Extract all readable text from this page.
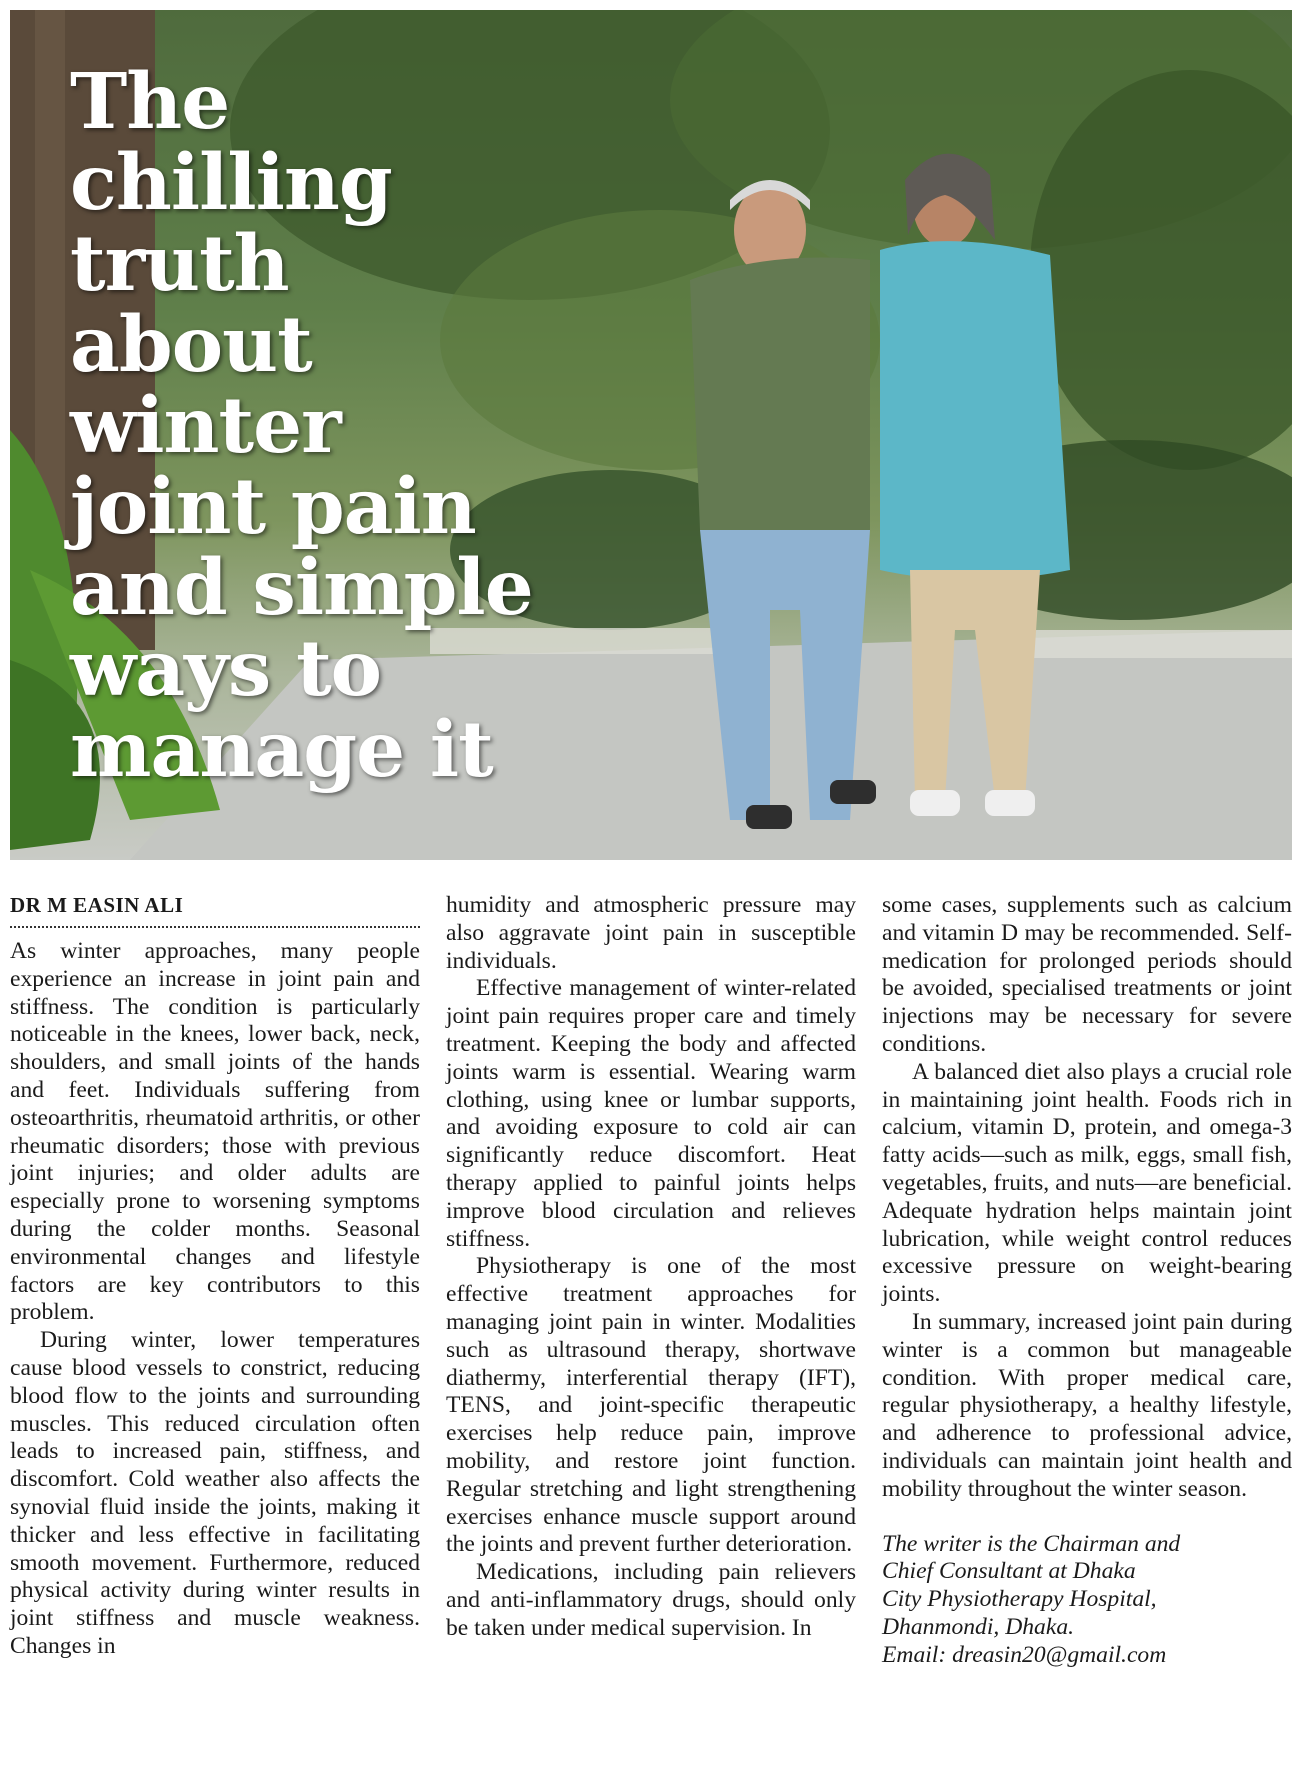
The chilling truth about winter joint pain and simple ways to manage it
DR M EASIN ALI

As winter approaches, many people experience an increase in joint pain and stiffness. The condition is particularly noticeable in the knees, lower back, neck, shoulders, and small joints of the hands and feet. Individuals suffering from osteoarthritis, rheumatoid arthritis, or other rheumatic disorders; those with previous joint injuries; and older adults are especially prone to worsening symptoms during the colder months. Seasonal environmental changes and lifestyle factors are key contributors to this problem.

During winter, lower temperatures cause blood vessels to constrict, reducing blood flow to the joints and surrounding muscles. This reduced circulation often leads to increased pain, stiffness, and discomfort. Cold weather also affects the synovial fluid inside the joints, making it thicker and less effective in facilitating smooth movement. Furthermore, reduced physical activity during winter results in joint stiffness and muscle weakness. Changes in

humidity and atmospheric pressure may also aggravate joint pain in susceptible individuals.

Effective management of winter-related joint pain requires proper care and timely treatment. Keeping the body and affected joints warm is essential. Wearing warm clothing, using knee or lumbar supports, and avoiding exposure to cold air can significantly reduce discomfort. Heat therapy applied to painful joints helps improve blood circulation and relieves stiffness.

Physiotherapy is one of the most effective treatment approaches for managing joint pain in winter. Modalities such as ultrasound therapy, shortwave diathermy, interferential therapy (IFT), TENS, and joint-specific therapeutic exercises help reduce pain, improve mobility, and restore joint function. Regular stretching and light strengthening exercises enhance muscle support around the joints and prevent further deterioration.

Medications, including pain relievers and anti-inflammatory drugs, should only be taken under medical supervision. In

some cases, supplements such as calcium and vitamin D may be recommended. Self-medication for prolonged periods should be avoided, specialised treatments or joint injections may be necessary for severe conditions.

A balanced diet also plays a crucial role in maintaining joint health. Foods rich in calcium, vitamin D, protein, and omega-3 fatty acids—such as milk, eggs, small fish, vegetables, fruits, and nuts—are beneficial. Adequate hydration helps maintain joint lubrication, while weight control reduces excessive pressure on weight-bearing joints.

In summary, increased joint pain during winter is a common but manageable condition. With proper medical care, regular physiotherapy, a healthy lifestyle, and adherence to professional advice, individuals can maintain joint health and mobility throughout the winter season.

The writer is the Chairman and
Chief Consultant at Dhaka
City Physiotherapy Hospital,
Dhanmondi, Dhaka.
Email: dreasin20@gmail.com
